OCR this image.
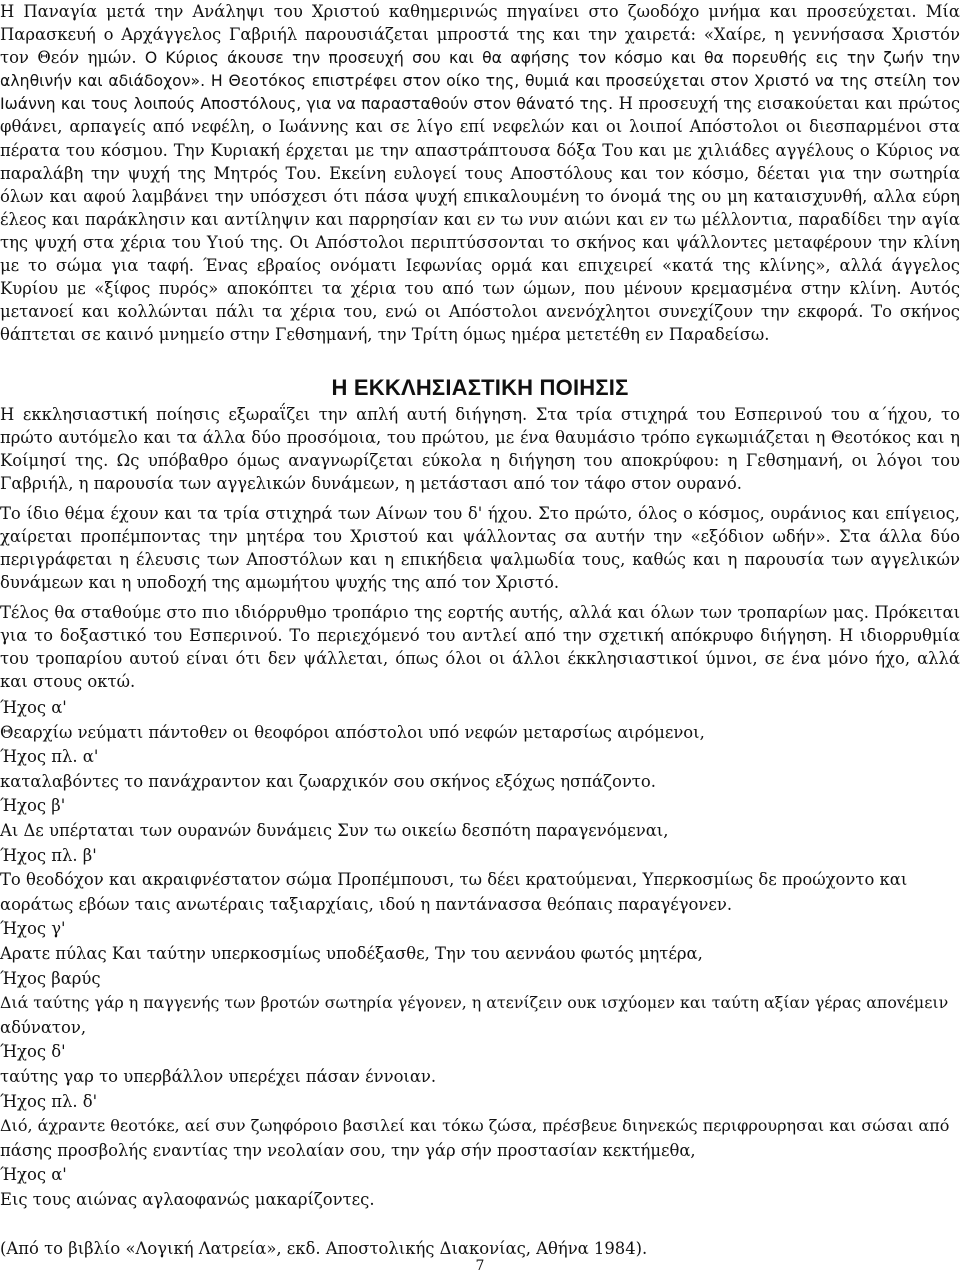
Η Παναγία μετά την Ανάληψι του Χριστού καθημερινώς πηγαίνει στο ζωοδόχο μνήμα και προσεύχεται. Μία Παρασκευή ο Αρχάγγελος Γαβριήλ παρουσιάζεται μπροστά της και την χαιρετά: «Χαίρε, η γεννήσασα Χριστόν τον Θεόν ημών. Ο Κύριος άκουσε την προσευχή σου και θα αφήσης τον κόσμο και θα πορευθής εις την ζωήν την αληθινήν και αδιάδοχον». Η Θεοτόκος επιστρέφει στον οίκο της, θυμιά και προσεύχεται στον Χριστό να της στείλη τον Ιωάννη και τους λοιπούς Αποστόλους, για να παρασταθούν στον θάνατό της. Η προσευχή της εισακούεται και πρώτος φθάνει, αρπαγείς από νεφέλη, ο Ιωάννης και σε λίγο επί νεφελών και οι λοιποί Απόστολοι οι διεσπαρμένοι στα πέρατα του κόσμου. Την Κυριακή έρχεται με την απαστράπτουσα δόξα Του και με χιλιάδες αγγέλους ο Κύριος να παραλάβη την ψυχή της Μητρός Του. Εκείνη ευλογεί τους Αποστόλους και τον κόσμο, δέεται για την σωτηρία όλων και αφού λαμβάνει την υπόσχεσι ότι πάσα ψυχή επικαλουμένη το όνομά της ου μη καταισχυνθή, αλλα εύρη έλεος και παράκλησιν και αντίληψιν και παρρησίαν και εν τω νυν αιώνι και εν τω μέλλοντια, παραδίδει την αγία της ψυχή στα χέρια του Υιού της. Οι Απόστολοι περιπτύσσονται το σκήνος και ψάλλοντες μεταφέρουν την κλίνη με το σώμα για ταφή. Ένας εβραίος ονόματι Ιεφωνίας ορμά και επιχειρεί «κατά της κλίνης», αλλά άγγελος Κυρίου με «ξίφος πυρός» αποκόπτει τα χέρια του από των ώμων, που μένουν κρεμασμένα στην κλίνη. Αυτός μετανοεί και κολλώνται πάλι τα χέρια του, ενώ οι Απόστολοι ανενόχλητοι συνεχίζουν την εκφορά. Το σκήνος θάπτεται σε καινό μνημείο στην Γεθσημανή, την Τρίτη όμως ημέρα μετετέθη εν Παραδείσω.

Η ΕΚΚΛΗΣΙΑΣΤΙΚΗ ΠΟΙΗΣΙΣ

Η εκκλησιαστική ποίησις εξωραΐζει την απλή αυτή διήγηση. Στα τρία στιχηρά του Εσπερινού του α΄ήχου, το πρώτο αυτόμελο και τα άλλα δύο προσόμοια, του πρώτου, με ένα θαυμάσιο τρόπο εγκωμιάζεται η Θεοτόκος και η Κοίμησί της. Ως υπόβαθρο όμως αναγνωρίζεται εύκολα η διήγηση του αποκρύφου: η Γεθσημανή, οι λόγοι του Γαβριήλ, η παρουσία των αγγελικών δυνάμεων, η μετάστασι από τον τάφο στον ουρανό.

Το ίδιο θέμα έχουν και τα τρία στιχηρά των Αίνων του δ' ήχου. Στο πρώτο, όλος ο κόσμος, ουράνιος και επίγειος, χαίρεται προπέμποντας την μητέρα του Χριστού και ψάλλοντας σα αυτήν την «εξόδιον ωδήν». Στα άλλα δύο περιγράφεται η έλευσις των Αποστόλων και η επικήδεια ψαλμωδία τους, καθώς και η παρουσία των αγγελικών δυνάμεων και η υποδοχή της αμωμήτου ψυχής της από τον Χριστό.

Τέλος θα σταθούμε στο πιο ιδιόρρυθμο τροπάριο της εορτής αυτής, αλλά και όλων των τροπαρίων μας. Πρόκειται για το δοξαστικό του Εσπερινού. Το περιεχόμενό του αντλεί από την σχετική απόκρυφο διήγηση. Η ιδιορρυθμία του τροπαρίου αυτού είναι ότι δεν ψάλλεται, όπως όλοι οι άλλοι έκκλησιαστικοί ύμνοι, σε ένα μόνο ήχο, αλλά και στους οκτώ.

Ήχος α'
Θεαρχίω νεύματι πάντοθεν οι θεοφόροι απόστολοι υπό νεφών μεταρσίως αιρόμενοι,
Ήχος πλ. α'
καταλαβόντες το πανάχραντον και ζωαρχικόν σου σκήνος εξόχως ησπάζοντο.
Ήχος β'
Αι Δε υπέρταται των ουρανών δυνάμεις Συν τω οικείω δεσπότη παραγενόμεναι,
Ήχος πλ. β'
Το θεοδόχον και ακραιφνέστατον σώμα Προπέμπουσι, τω δέει κρατούμεναι, Υπερκοσμίως δε προώχοντο και
αοράτως εβόων ταις ανωτέραις ταξιαρχίαις, ιδού η παντάνασσα θεόπαις παραγέγονεν.
Ήχος γ'
Αρατε πύλας Και ταύτην υπερκοσμίως υποδέξασθε, Την του αεννάου φωτός μητέρα,
Ήχος βαρύς
Διά ταύτης γάρ η παγγενής των βροτών σωτηρία γέγονεν, η ατενίζειν ουκ ισχύομεν και ταύτη αξίαν γέρας αποvέμειν
αδύνατον,
Ήχος δ'
ταύτης γαρ το υπερβάλλον υπερέχει πάσαν έννοιαν.
Ήχος πλ. δ'
Διό, άχραντε θεοτόκε, αεί συν ζωηφόροιο βασιλεί και τόκω ζώσα, πρέσβευε διηνεκώς περιφρουρησαι και σώσαι από
πάσης προσβολής εναντίας την νεολαίαν σου, την γάρ σήν προστασίαν κεκτήμεθα,
Ήχος α'
Εις τους αιώνας αγλαοφανώς μακαρίζοντες.
(Από το βιβλίο «Λογική Λατρεία», εκδ. Αποστολικής Διακονίας, Αθήνα 1984).
7
